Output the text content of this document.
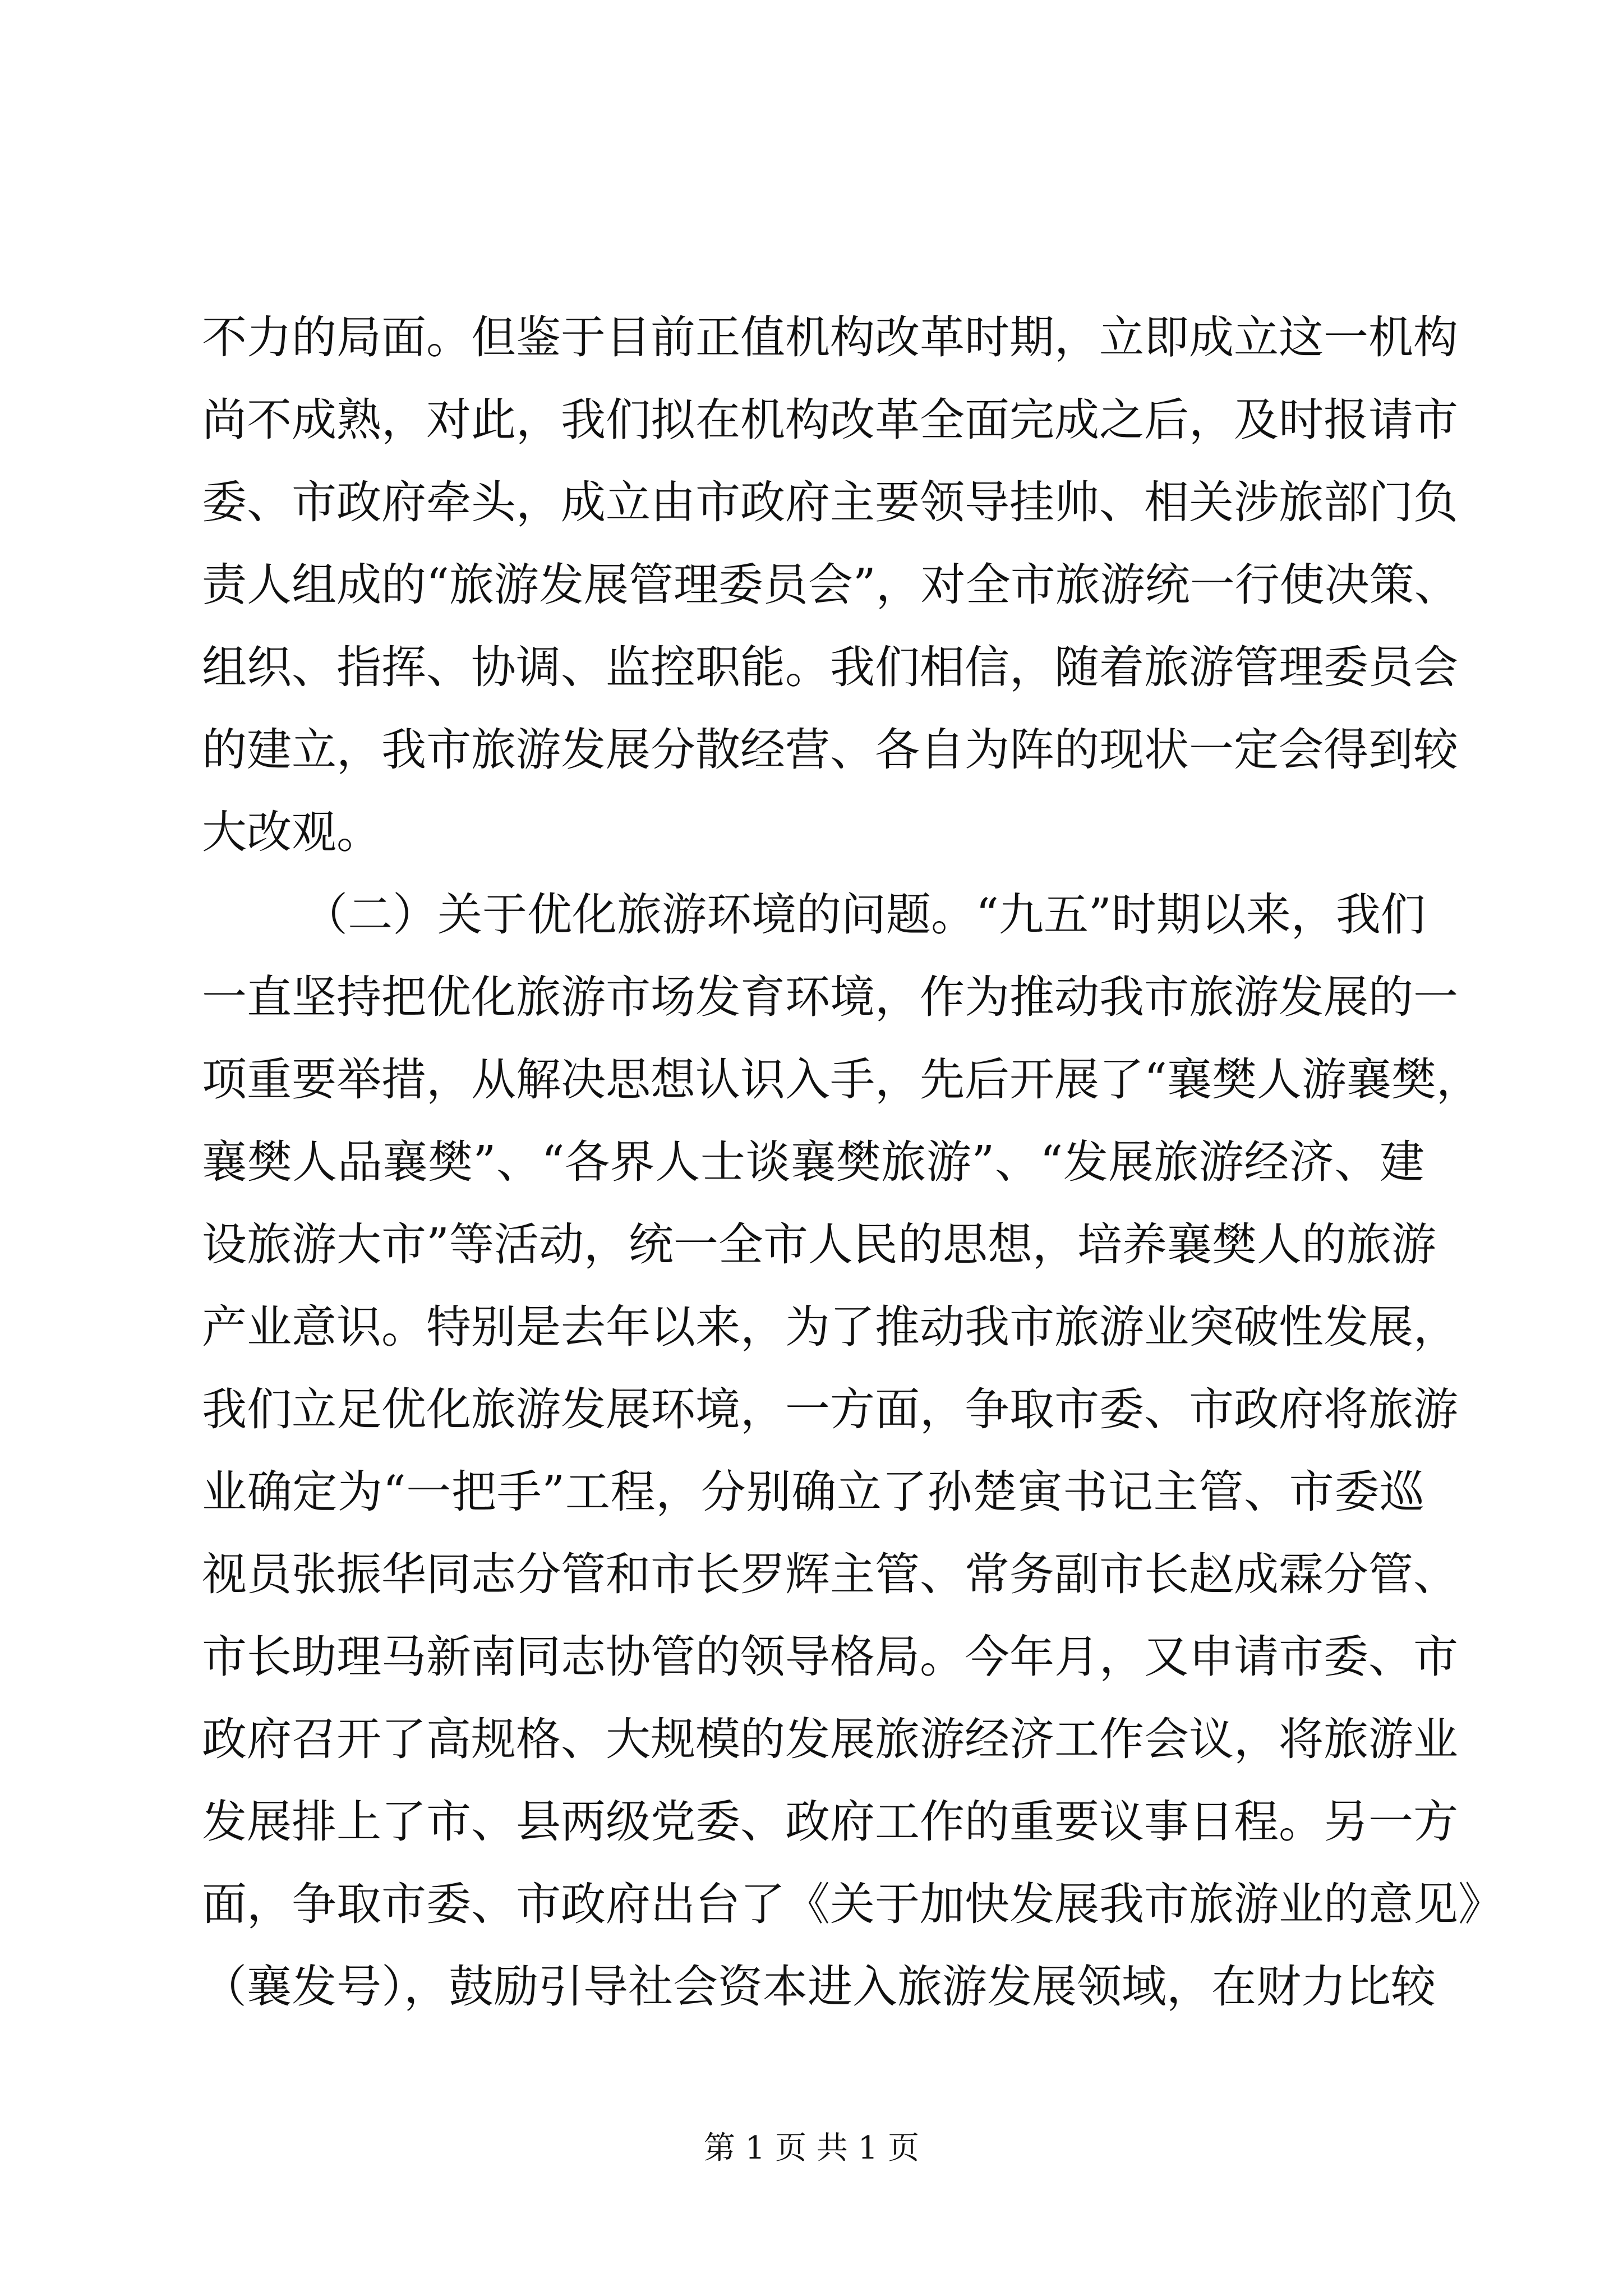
不力的局面。但鉴于目前正值机构改革时期，立即成立这一机构
尚不成熟，对此，我们拟在机构改革全面完成之后，及时报请市
委、市政府牵头，成立由市政府主要领导挂帅、相关涉旅部门负
责人组成的“旅游发展管理委员会”，对全市旅游统一行使决策、
组织、指挥、协调、监控职能。我们相信，随着旅游管理委员会
的建立，我市旅游发展分散经营、各自为阵的现状一定会得到较
大改观。
（二）关于优化旅游环境的问题。“九五”时期以来，我们
一直坚持把优化旅游市场发育环境，作为推动我市旅游发展的一
项重要举措，从解决思想认识入手，先后开展了“襄樊人游襄樊，
襄樊人品襄樊”、“各界人士谈襄樊旅游”、“发展旅游经济、建
设旅游大市”等活动，统一全市人民的思想，培养襄樊人的旅游
产业意识。特别是去年以来，为了推动我市旅游业突破性发展，
我们立足优化旅游发展环境，一方面，争取市委、市政府将旅游
业确定为“一把手”工程，分别确立了孙楚寅书记主管、市委巡
视员张振华同志分管和市长罗辉主管、常务副市长赵成霖分管、
市长助理马新南同志协管的领导格局。今年月，又申请市委、市
政府召开了高规格、大规模的发展旅游经济工作会议，将旅游业
发展排上了市、县两级党委、政府工作的重要议事日程。另一方
面，争取市委、市政府出台了《关于加快发展我市旅游业的意见》
（襄发号），鼓励引导社会资本进入旅游发展领域，在财力比较
第 1 页 共 1 页
